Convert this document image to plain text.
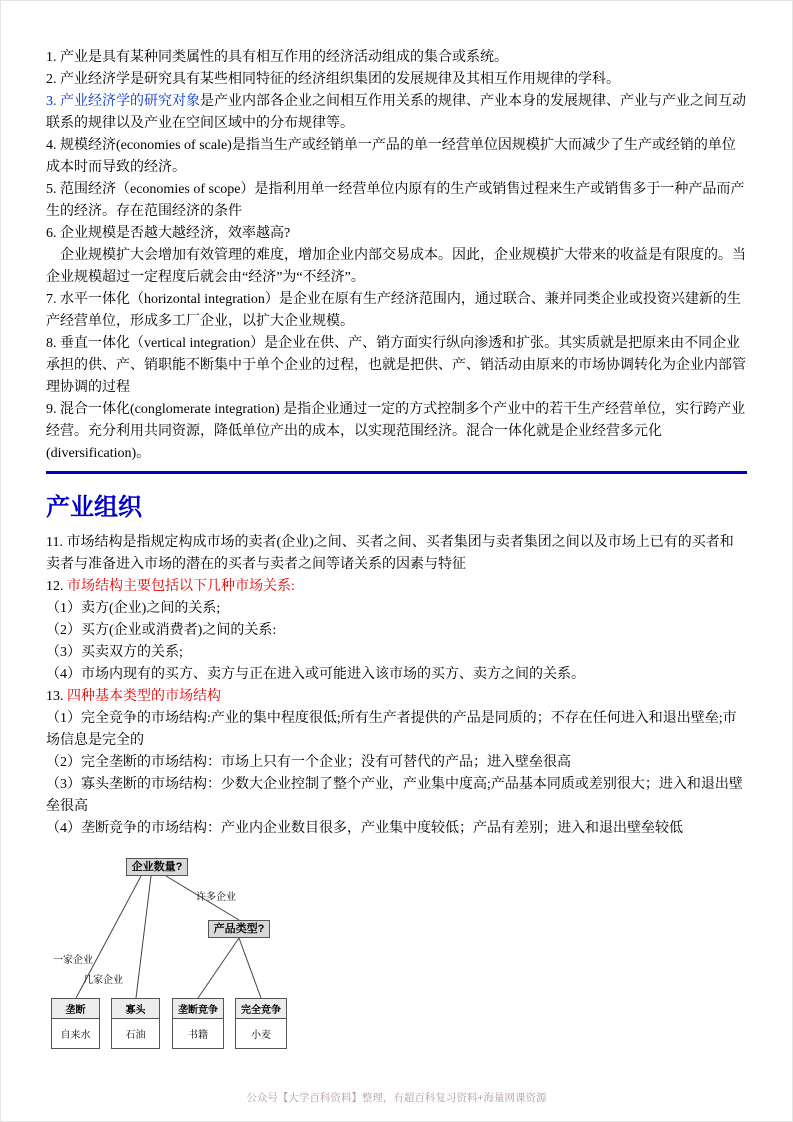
1. 产业是具有某种同类属性的具有相互作用的经济活动组成的集合或系统。

2. 产业经济学是研究具有某些相同特征的经济组织集团的发展规律及其相互作用规律的学科。

3. 产业经济学的研究对象是产业内部各企业之间相互作用关系的规律、产业本身的发展规律、产业与产业之间互动联系的规律以及产业在空间区域中的分布规律等。

4. 规模经济(economies of scale)是指当生产或经销单一产品的单一经营单位因规模扩大而减少了生产或经销的单位成本时而导致的经济。

5. 范围经济（economies of scope）是指利用单一经营单位内原有的生产或销售过程来生产或销售多于一种产品而产生的经济。存在范围经济的条件

6. 企业规模是否越大越经济，效率越高?

企业规模扩大会增加有效管理的难度，增加企业内部交易成本。因此，企业规模扩大带来的收益是有限度的。当企业规模超过一定程度后就会由“经济”为“不经济”。

7. 水平一体化（horizontal integration）是企业在原有生产经济范围内，通过联合、兼并同类企业或投资兴建新的生产经营单位，形成多工厂企业，以扩大企业规模。

8. 垂直一体化（vertical integration）是企业在供、产、销方面实行纵向渗透和扩张。其实质就是把原来由不同企业承担的供、产、销职能不断集中于单个企业的过程，也就是把供、产、销活动由原来的市场协调转化为企业内部管理协调的过程

9. 混合一体化(conglomerate integration) 是指企业通过一定的方式控制多个产业中的若干生产经营单位，实行跨产业经营。充分利用共同资源，降低单位产出的成本，以实现范围经济。混合一体化就是企业经营多元化(diversification)。

产业组织

11. 市场结构是指规定构成市场的卖者(企业)之间、买者之间、买者集团与卖者集团之间以及市场上已有的买者和卖者与准备进入市场的潜在的买者与卖者之间等诸关系的因素与特征

12. 市场结构主要包括以下几种市场关系:

（1）卖方(企业)之间的关系;

（2）买方(企业或消费者)之间的关系:

（3）买卖双方的关系;

（4）市场内现有的买方、卖方与正在进入或可能进入该市场的买方、卖方之间的关系。

13. 四种基本类型的市场结构

（1）完全竞争的市场结构:产业的集中程度很低;所有生产者提供的产品是同质的；不存在任何进入和退出壁垒;市场信息是完全的

（2）完全垄断的市场结构：市场上只有一个企业；没有可替代的产品；进入壁垒很高

（3）寡头垄断的市场结构：少数大企业控制了整个产业，产业集中度高;产品基本同质或差别很大；进入和退出壁垒很高

（4）垄断竞争的市场结构：产业内企业数目很多，产业集中度较低；产品有差别；进入和退出壁垒较低

企业数量?
产品类型?
许多企业
一家企业
几家企业
垄断
自来水
寡头
石油
垄断竞争
书籍
完全竞争
小麦
公众号【大学百科资料】整理，有超百科复习资料+海量网课资源
